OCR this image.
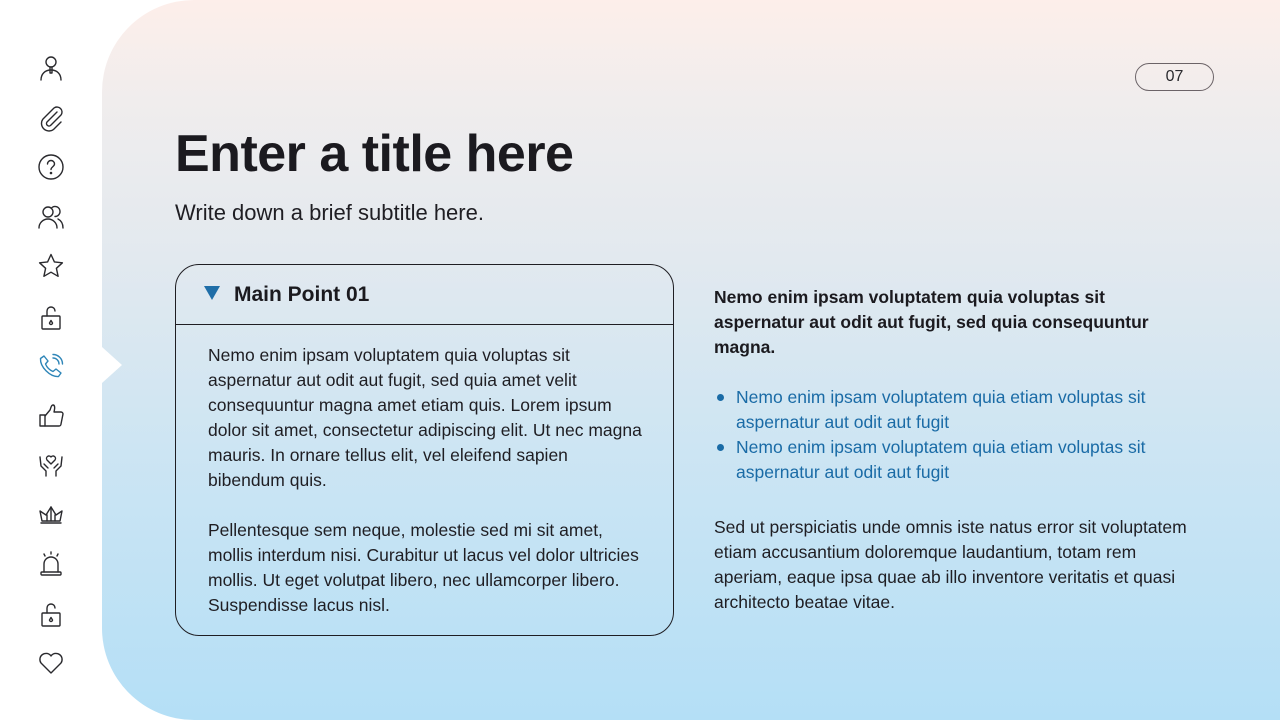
07
Enter a title here
Write down a brief subtitle here.
Main Point 01

Nemo enim ipsam voluptatem quia voluptas sit aspernatur aut odit aut fugit, sed quia amet velit consequuntur magna amet etiam quis. Lorem ipsum dolor sit amet, consectetur adipiscing elit. Ut nec magna mauris. In ornare tellus elit, vel eleifend sapien bibendum quis.

Pellentesque sem neque, molestie sed mi sit amet, mollis interdum nisi. Curabitur ut lacus vel dolor ultricies mollis. Ut eget volutpat libero, nec ullamcorper libero. Suspendisse lacus nisl.

Nemo enim ipsam voluptatem quia voluptas sit aspernatur aut odit aut fugit, sed quia consequuntur magna.

Nemo enim ipsam voluptatem quia etiam voluptas sit aspernatur aut odit aut fugit
Nemo enim ipsam voluptatem quia etiam voluptas sit aspernatur aut odit aut fugit

Sed ut perspiciatis unde omnis iste natus error sit voluptatem etiam accusantium doloremque laudantium, totam rem aperiam, eaque ipsa quae ab illo inventore veritatis et quasi architecto beatae vitae.
